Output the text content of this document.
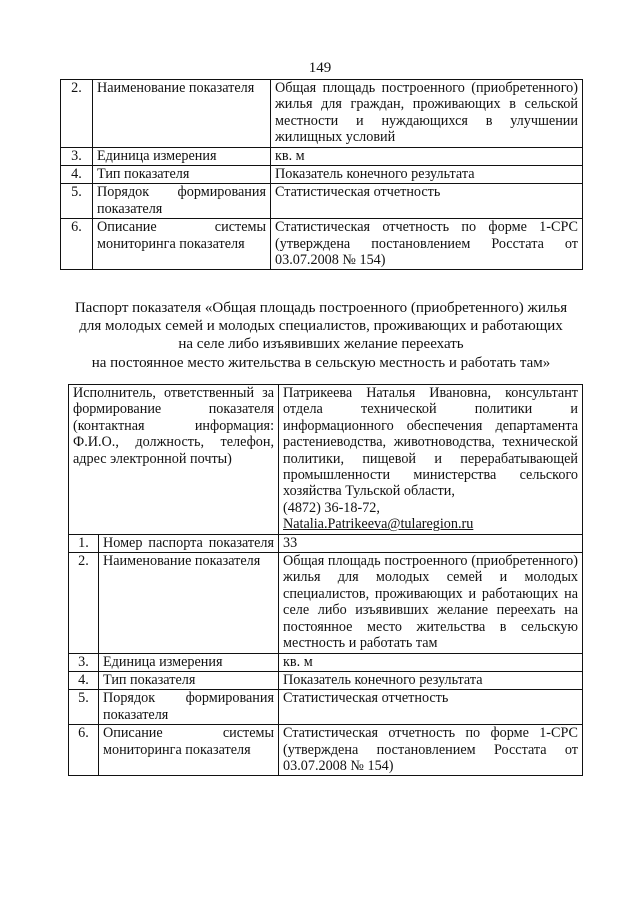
149
2.	Наименование показателя	Общая площадь построенного (приобретенного) жилья для граждан, проживающих в сельской местности и нуждающихся в улучшении жилищных условий
3.	Единица измерения	кв. м
4.	Тип показателя	Показатель конечного результата
5.	Порядок формирования показателя	Статистическая отчетность
6.	Описание системы мониторинга показателя	Статистическая отчетность по форме 1-СРС (утверждена постановлением Росстата от 03.07.2008 № 154)
Паспорт показателя «Общая площадь построенного (приобретенного) жилья
для молодых семей и молодых специалистов, проживающих и работающих
на селе либо изъявивших желание переехать
на постоянное место жительства в сельскую местность и работать там»
Исполнитель, ответственный за формирование показателя (контактная информация: Ф.И.О., должность, телефон, адрес электронной почты)		Патрикеева Наталья Ивановна, консультант отдела технической политики и информационного обеспечения департамента растениеводства, животноводства, технической политики, пищевой и перерабатывающей промышленности министерства сельского хозяйства Тульской области,
(4872) 36-18-72,
Natalia.Patrikeeva@tularegion.ru

1.	Номер паспорта показателя	33
2.	Наименование показателя	Общая площадь построенного (приобретенного) жилья для молодых семей и молодых специалистов, проживающих и работающих на селе либо изъявивших желание переехать на постоянное место жительства в сельскую местность и работать там
3.	Единица измерения	кв. м
4.	Тип показателя	Показатель конечного результата
5.	Порядок формирования показателя	Статистическая отчетность
6.	Описание системы мониторинга показателя	Статистическая отчетность по форме 1-СРС (утверждена постановлением Росстата от 03.07.2008 № 154)
